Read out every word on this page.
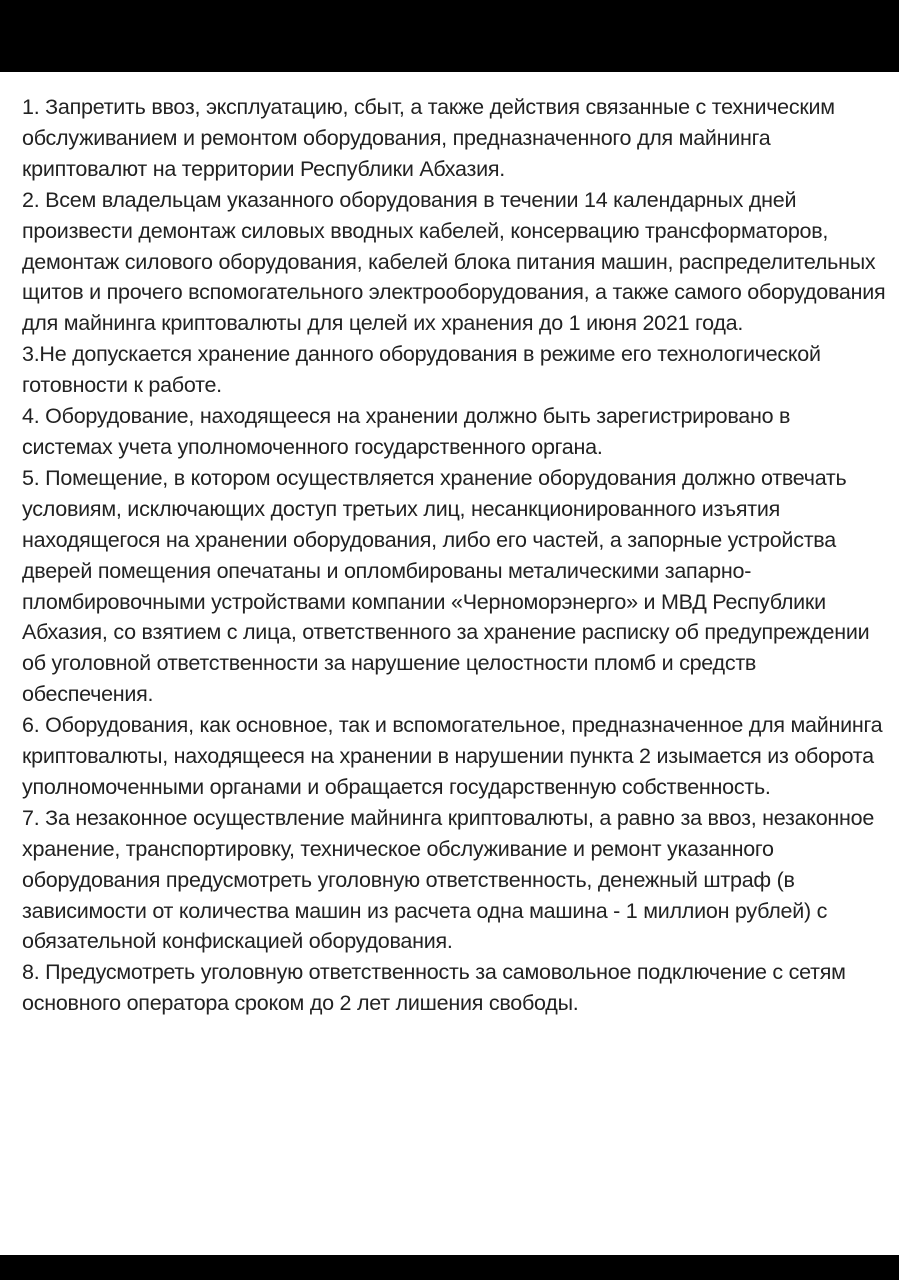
1. Запретить ввоз, эксплуатацию, сбыт, а также действия связанные с техническим обслуживанием и ремонтом оборудования, предназначенного для майнинга криптовалют на территории Республики Абхазия.

2. Всем владельцам указанного оборудования в течении 14 календарных дней произвести демонтаж силовых вводных кабелей, консервацию трансформаторов, демонтаж силового оборудования, кабелей блока питания машин, распределительных щитов и прочего вспомогательного электрооборудования, а также самого оборудования для майнинга криптовалюты для целей их хранения до 1 июня 2021 года.

3.Не допускается хранение данного оборудования в режиме его технологической готовности к работе.

4. Оборудование, находящееся на хранении должно быть зарегистрировано в системах учета уполномоченного государственного органа.

5. Помещение, в котором осуществляется хранение оборудования должно отвечать условиям, исключающих доступ третьих лиц, несанкционированного изъятия находящегося на хранении оборудования, либо его частей, а запорные устройства дверей помещения опечатаны и опломбированы металическими запарно-пломбировочными устройствами компании «Черноморэнерго» и МВД Республики Абхазия, со взятием с лица, ответственного за хранение расписку об предупреждении об уголовной ответственности за нарушение целостности пломб и средств обеспечения.

6. Оборудования, как основное, так и вспомогательное, предназначенное для майнинга криптовалюты, находящееся на хранении в нарушении пункта 2 изымается из оборота уполномоченными органами и обращается государственную собственность.

7. За незаконное осуществление майнинга криптовалюты, а равно за ввоз, незаконное хранение, транспортировку, техническое обслуживание и ремонт указанного оборудования предусмотреть уголовную ответственность, денежный штраф (в зависимости от количества машин из расчета одна машина - 1 миллион рублей) с обязательной конфискацией оборудования.

8. Предусмотреть уголовную ответственность за самовольное подключение с сетям основного оператора сроком до 2 лет лишения свободы.
